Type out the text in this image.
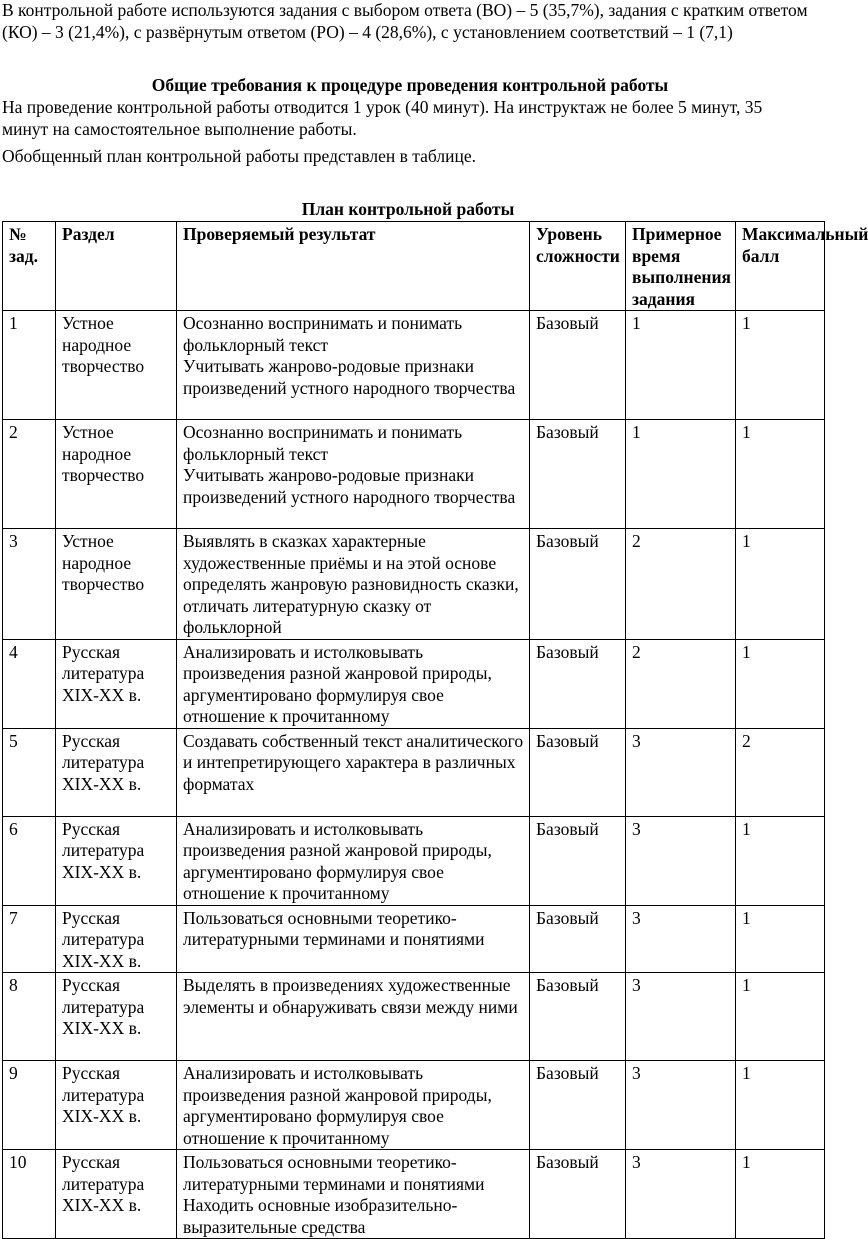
В контрольной работе используются задания с выбором ответа (ВО) – 5 (35,7%), задания с кратким ответом (КО) – 3 (21,4%), с развёрнутым ответом (РО) – 4 (28,6%), с установлением соответствий – 1 (7,1)

Общие требования к процедуре проведения контрольной работы

На проведение контрольной работы отводится 1 урок (40 минут). На инструктаж не более 5 минут, 35 минут на самостоятельное выполнение работы.

Обобщенный план контрольной работы представлен в таблице.

План контрольной работы
№ зад.	Раздел	Проверяемый результат	Уровень сложности	Примерное время выполнения задания	Максимальный балл
1	Устное народное творчество	Осознанно воспринимать и понимать фольклорный текст
Учитывать жанрово-родовые признаки произведений устного народного творчества	Базовый	1	1
2	Устное народное творчество	Осознанно воспринимать и понимать фольклорный текст
Учитывать жанрово-родовые признаки произведений устного народного творчества	Базовый	1	1
3	Устное народное творчество	Выявлять в сказках характерные художественные приёмы и на этой основе определять жанровую разновидность сказки, отличать литературную сказку от фольклорной	Базовый	2	1
4	Русская литература XIX-XX в.	Анализировать и истолковывать произведения разной жанровой природы, аргументировано формулируя свое отношение к прочитанному	Базовый	2	1
5	Русская литература XIX-XX в.	Создавать собственный текст аналитического и интепретирующего характера в различных форматах	Базовый	3	2
6	Русская литература XIX-XX в.	Анализировать и истолковывать произведения разной жанровой природы, аргументировано формулируя свое отношение к прочитанному	Базовый	3	1
7	Русская литература XIX-XX в.	Пользоваться основными теоретико-литературными терминами и понятиями	Базовый	3	1
8	Русская литература XIX-XX в.	Выделять в произведениях художественные элементы и обнаруживать связи между ними	Базовый	3	1
9	Русская литература XIX-XX в.	Анализировать и истолковывать произведения разной жанровой природы, аргументировано формулируя свое отношение к прочитанному	Базовый	3	1
10	Русская литература XIX-XX в.	Пользоваться основными теоретико-литературными терминами и понятиями
Находить основные изобразительно-выразительные средства	Базовый	3	1
